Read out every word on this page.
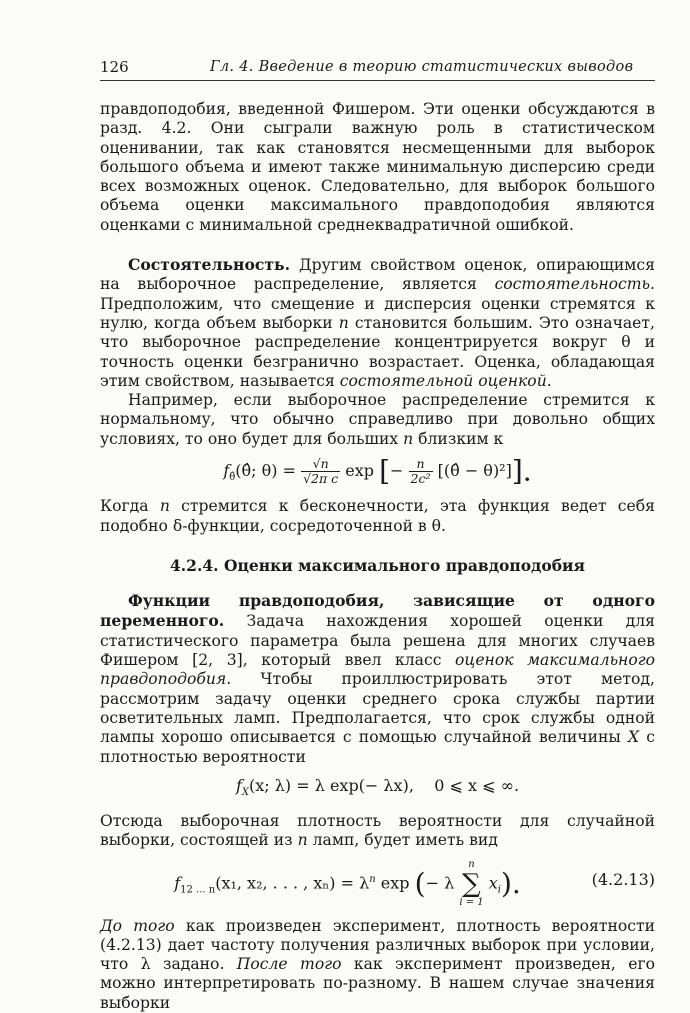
126	Гл. 4. Введение в теорию статистических выводов

правдоподобия, введенной Фишером. Эти оценки обсуждаются в разд. 4.2. Они сыграли важную роль в статистическом оценивании, так как становятся несмещенными для выборок большого объема и имеют также минимальную дисперсию среди всех возможных оценок. Следовательно, для выборок большого объема оценки максимального правдоподобия являются оценками с минимальной среднеквадратичной ошибкой.

Состоятельность. Другим свойством оценок, опирающимся на выборочное распределение, является состоятельность. Предположим, что смещение и дисперсия оценки стремятся к нулю, когда объем выборки n становится большим. Это означает, что выборочное распределение концентрируется вокруг θ и точность оценки безгранично возрастает. Оценка, обладающая этим свойством, называется состоятельной оценкой.

Например, если выборочное распределение стремится к нормальному, что обычно справедливо при довольно общих условиях, то оно будет для больших n близким к

$f_{\thetâ}(\thetâ$; $\theta) = \frac{√n}{\text{√2π c}}$ exp [− $\frac{n}{\text{2c²}}$ [(θ̂ − θ)²]].

Когда n стремится к бесконечности, эта функция ведет себя подобно δ-функции, сосредоточенной в θ.

4.2.4. Оценки максимального правдоподобия

Функции правдоподобия, зависящие от одного переменного. Задача нахождения хорошей оценки для статистического параметра была решена для многих случаев Фишером [2, 3], который ввел класс оценок максимального правдоподобия. Чтобы проиллюстрировать этот метод, рассмотрим задачу оценки среднего срока службы партии осветительных ламп. Предполагается, что срок службы одной лампы хорошо описывается с помощью случайной величины X с плотностью вероятности

$f_X(x$; λ) = λ exp(− λx), 0 ⩽ x ⩽ ∞.

Отсюда выборочная плотность вероятности для случайной выборки, состоящей из n ламп, будет иметь вид

$f_{12 ... n}(x_1$, x₂, . . . , $x_n) = \lambda^n$ exp (− λ
n
∑
i = 1
$x_i$).	(4.2.13)

До того как произведен эксперимент, плотность вероятности (4.2.13) дает частоту получения различных выборок при условии, что λ задано. После того как эксперимент произведен, его можно интерпретировать по-разному. В нашем случае значения выборки
